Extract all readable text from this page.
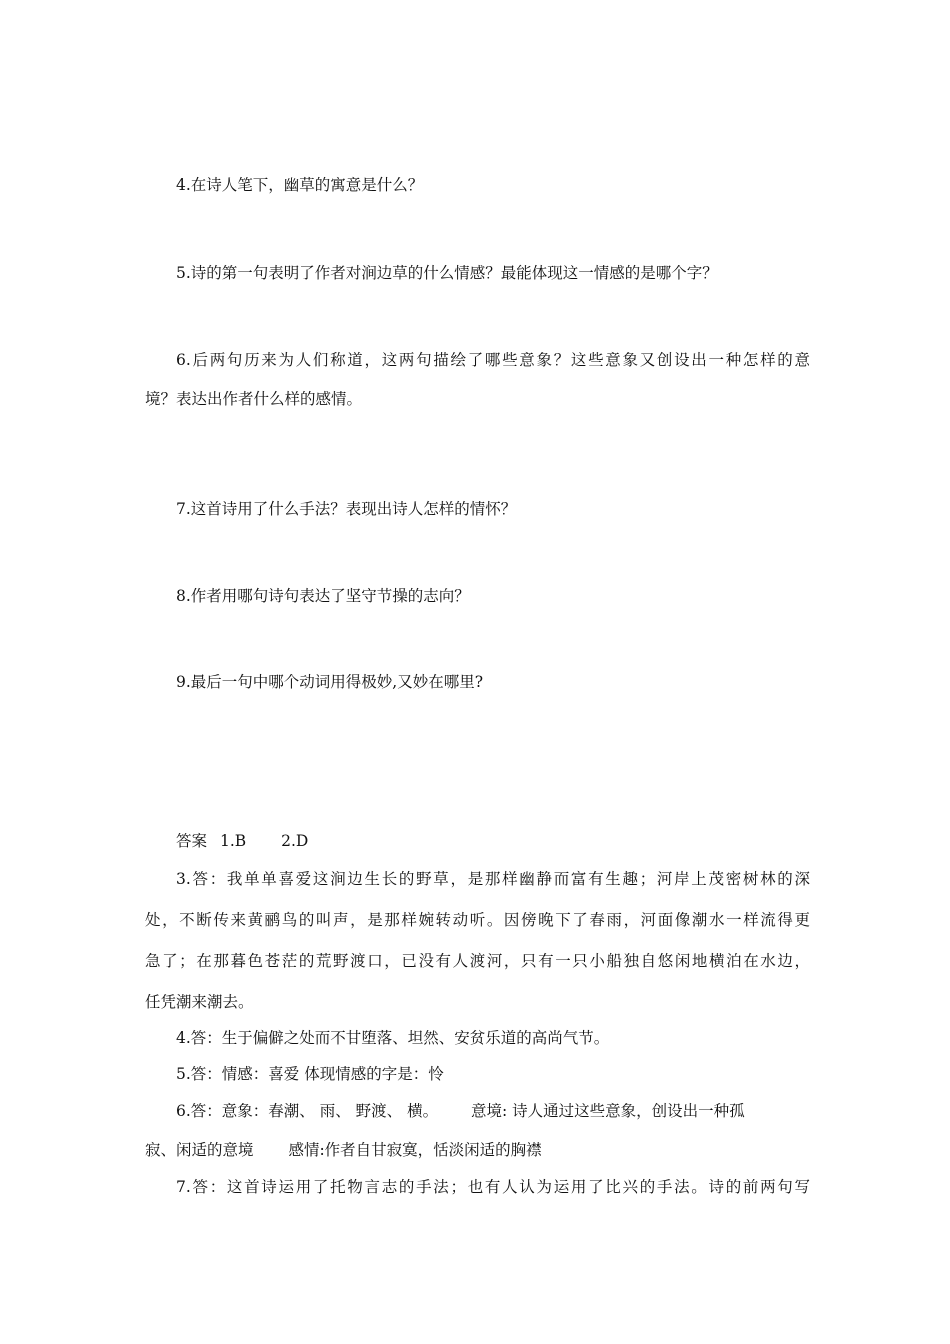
4.在诗人笔下，幽草的寓意是什么？
5.诗的第一句表明了作者对涧边草的什么情感？最能体现这一情感的是哪个字？
6.后两句历来为人们称道，这两句描绘了哪些意象？这些意象又创设出一种怎样的意
境？表达出作者什么样的感情。
7.这首诗用了什么手法？表现出诗人怎样的情怀？
8.作者用哪句诗句表达了坚守节操的志向？
9.最后一句中哪个动词用得极妙,又妙在哪里?
答案 1.B 2.D
3.答：我单单喜爱这涧边生长的野草，是那样幽静而富有生趣；河岸上茂密树林的深
处，不断传来黄鹂鸟的叫声，是那样婉转动听。因傍晚下了春雨，河面像潮水一样流得更
急了；在那暮色苍茫的荒野渡口，已没有人渡河，只有一只小船独自悠闲地横泊在水边，
任凭潮来潮去。
4.答：生于偏僻之处而不甘堕落、坦然、安贫乐道的高尚气节。
5.答：情感：喜爱 体现情感的字是：怜
6.答：意象：春潮、 雨、 野渡、 横。 意境: 诗人通过这些意象，创设出一种孤
寂、闲适的意境 感情:作者自甘寂寞，恬淡闲适的胸襟
7.答：这首诗运用了托物言志的手法；也有人认为运用了比兴的手法。诗的前两句写
